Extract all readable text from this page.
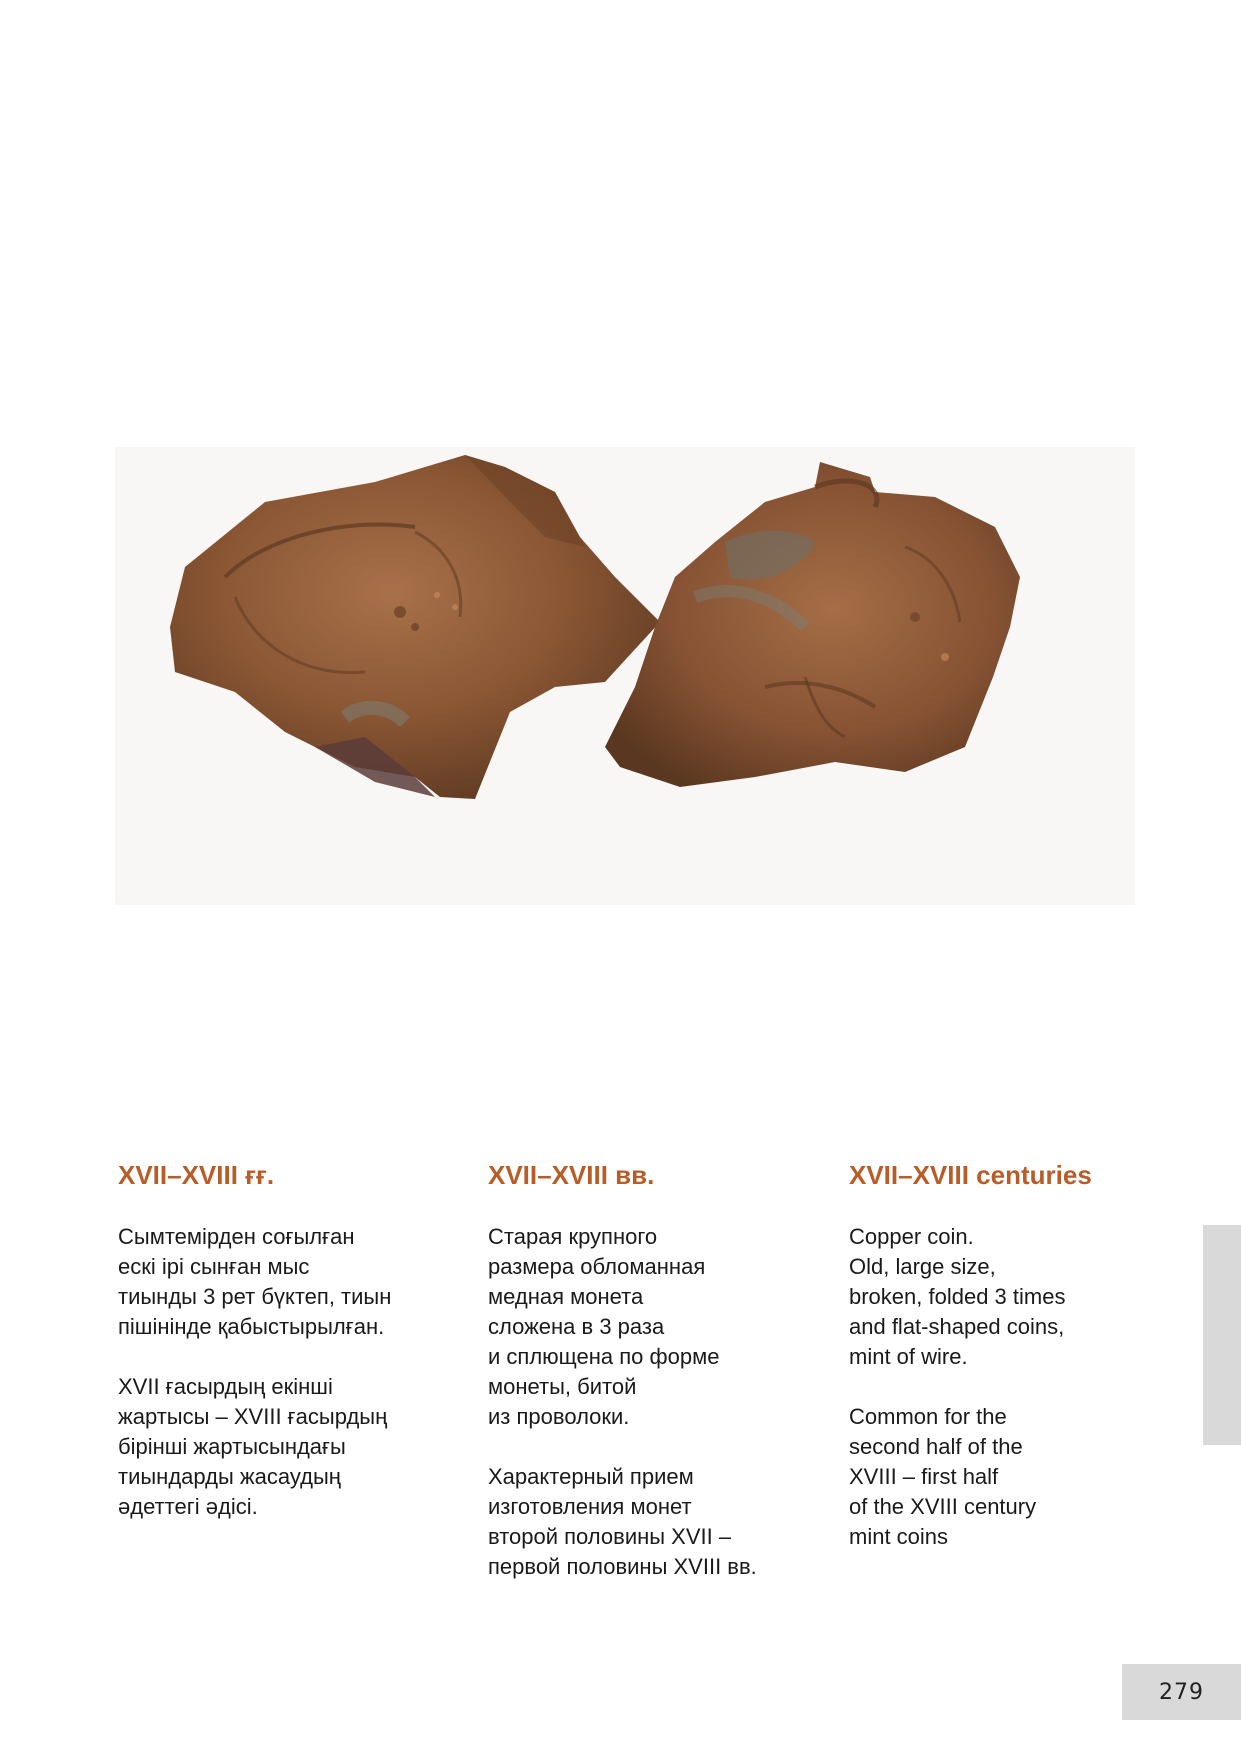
XVII–XVIII ғғ.

Сымтемірден соғылған
ескі ірі сынған мыс
тиынды 3 рет бүктеп, тиын
пішінінде қабыстырылған.

XVII ғасырдың екінші
жартысы – XVIII ғасырдың
бірінші жартысындағы
тиындарды жасаудың
әдеттегі әдісі.

XVII–XVIII вв.

Старая крупного
размера обломанная
медная монета
сложена в 3 раза
и сплющена по форме
монеты, битой
из проволоки.

Характерный прием
изготовления монет
второй половины XVII –
первой половины XVIII вв.

XVII–XVIII centuries

Copper coin.
Old, large size,
broken, folded 3 times
and flat-shaped coins,
mint of wire.

Common for the
second half of the
XVIII – first half
of the XVIII century
mint coins

279
